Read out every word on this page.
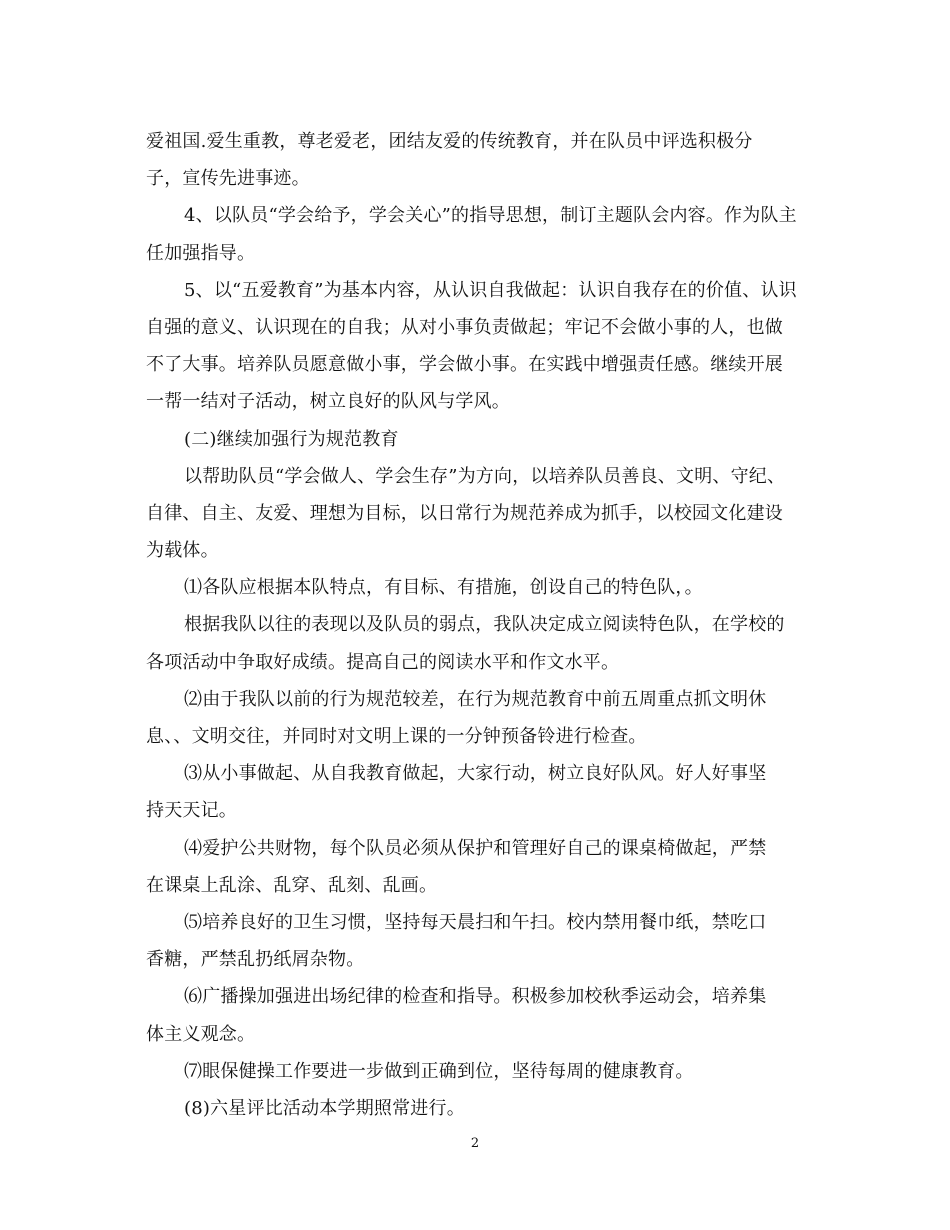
爱祖国.爱生重教，尊老爱老，团结友爱的传统教育，并在队员中评选积极分
子，宣传先进事迹。
4、以队员“学会给予，学会关心”的指导思想，制订主题队会内容。作为队主
任加强指导。
5、以“五爱教育”为基本内容，从认识自我做起：认识自我存在的价值、认识
自强的意义、认识现在的自我；从对小事负责做起；牢记不会做小事的人，也做
不了大事。培养队员愿意做小事，学会做小事。在实践中增强责任感。继续开展
一帮一结对子活动，树立良好的队风与学风。
(二)继续加强行为规范教育
以帮助队员“学会做人、学会生存”为方向，以培养队员善良、文明、守纪、
自律、自主、友爱、理想为目标，以日常行为规范养成为抓手，以校园文化建设
为载体。
⑴各队应根据本队特点，有目标、有措施，创设自己的特色队，。
根据我队以往的表现以及队员的弱点，我队决定成立阅读特色队，在学校的
各项活动中争取好成绩。提高自己的阅读水平和作文水平。
⑵由于我队以前的行为规范较差，在行为规范教育中前五周重点抓文明休
息、、文明交往，并同时对文明上课的一分钟预备铃进行检查。
⑶从小事做起、从自我教育做起，大家行动，树立良好队风。好人好事坚
持天天记。
⑷爱护公共财物，每个队员必须从保护和管理好自己的课桌椅做起，严禁
在课桌上乱涂、乱穿、乱刻、乱画。
⑸培养良好的卫生习惯，坚持每天晨扫和午扫。校内禁用餐巾纸，禁吃口
香糖，严禁乱扔纸屑杂物。
⑹广播操加强进出场纪律的检查和指导。积极参加校秋季运动会，培养集
体主义观念。
⑺眼保健操工作要进一步做到正确到位，坚待每周的健康教育。
(8)六星评比活动本学期照常进行。
2
